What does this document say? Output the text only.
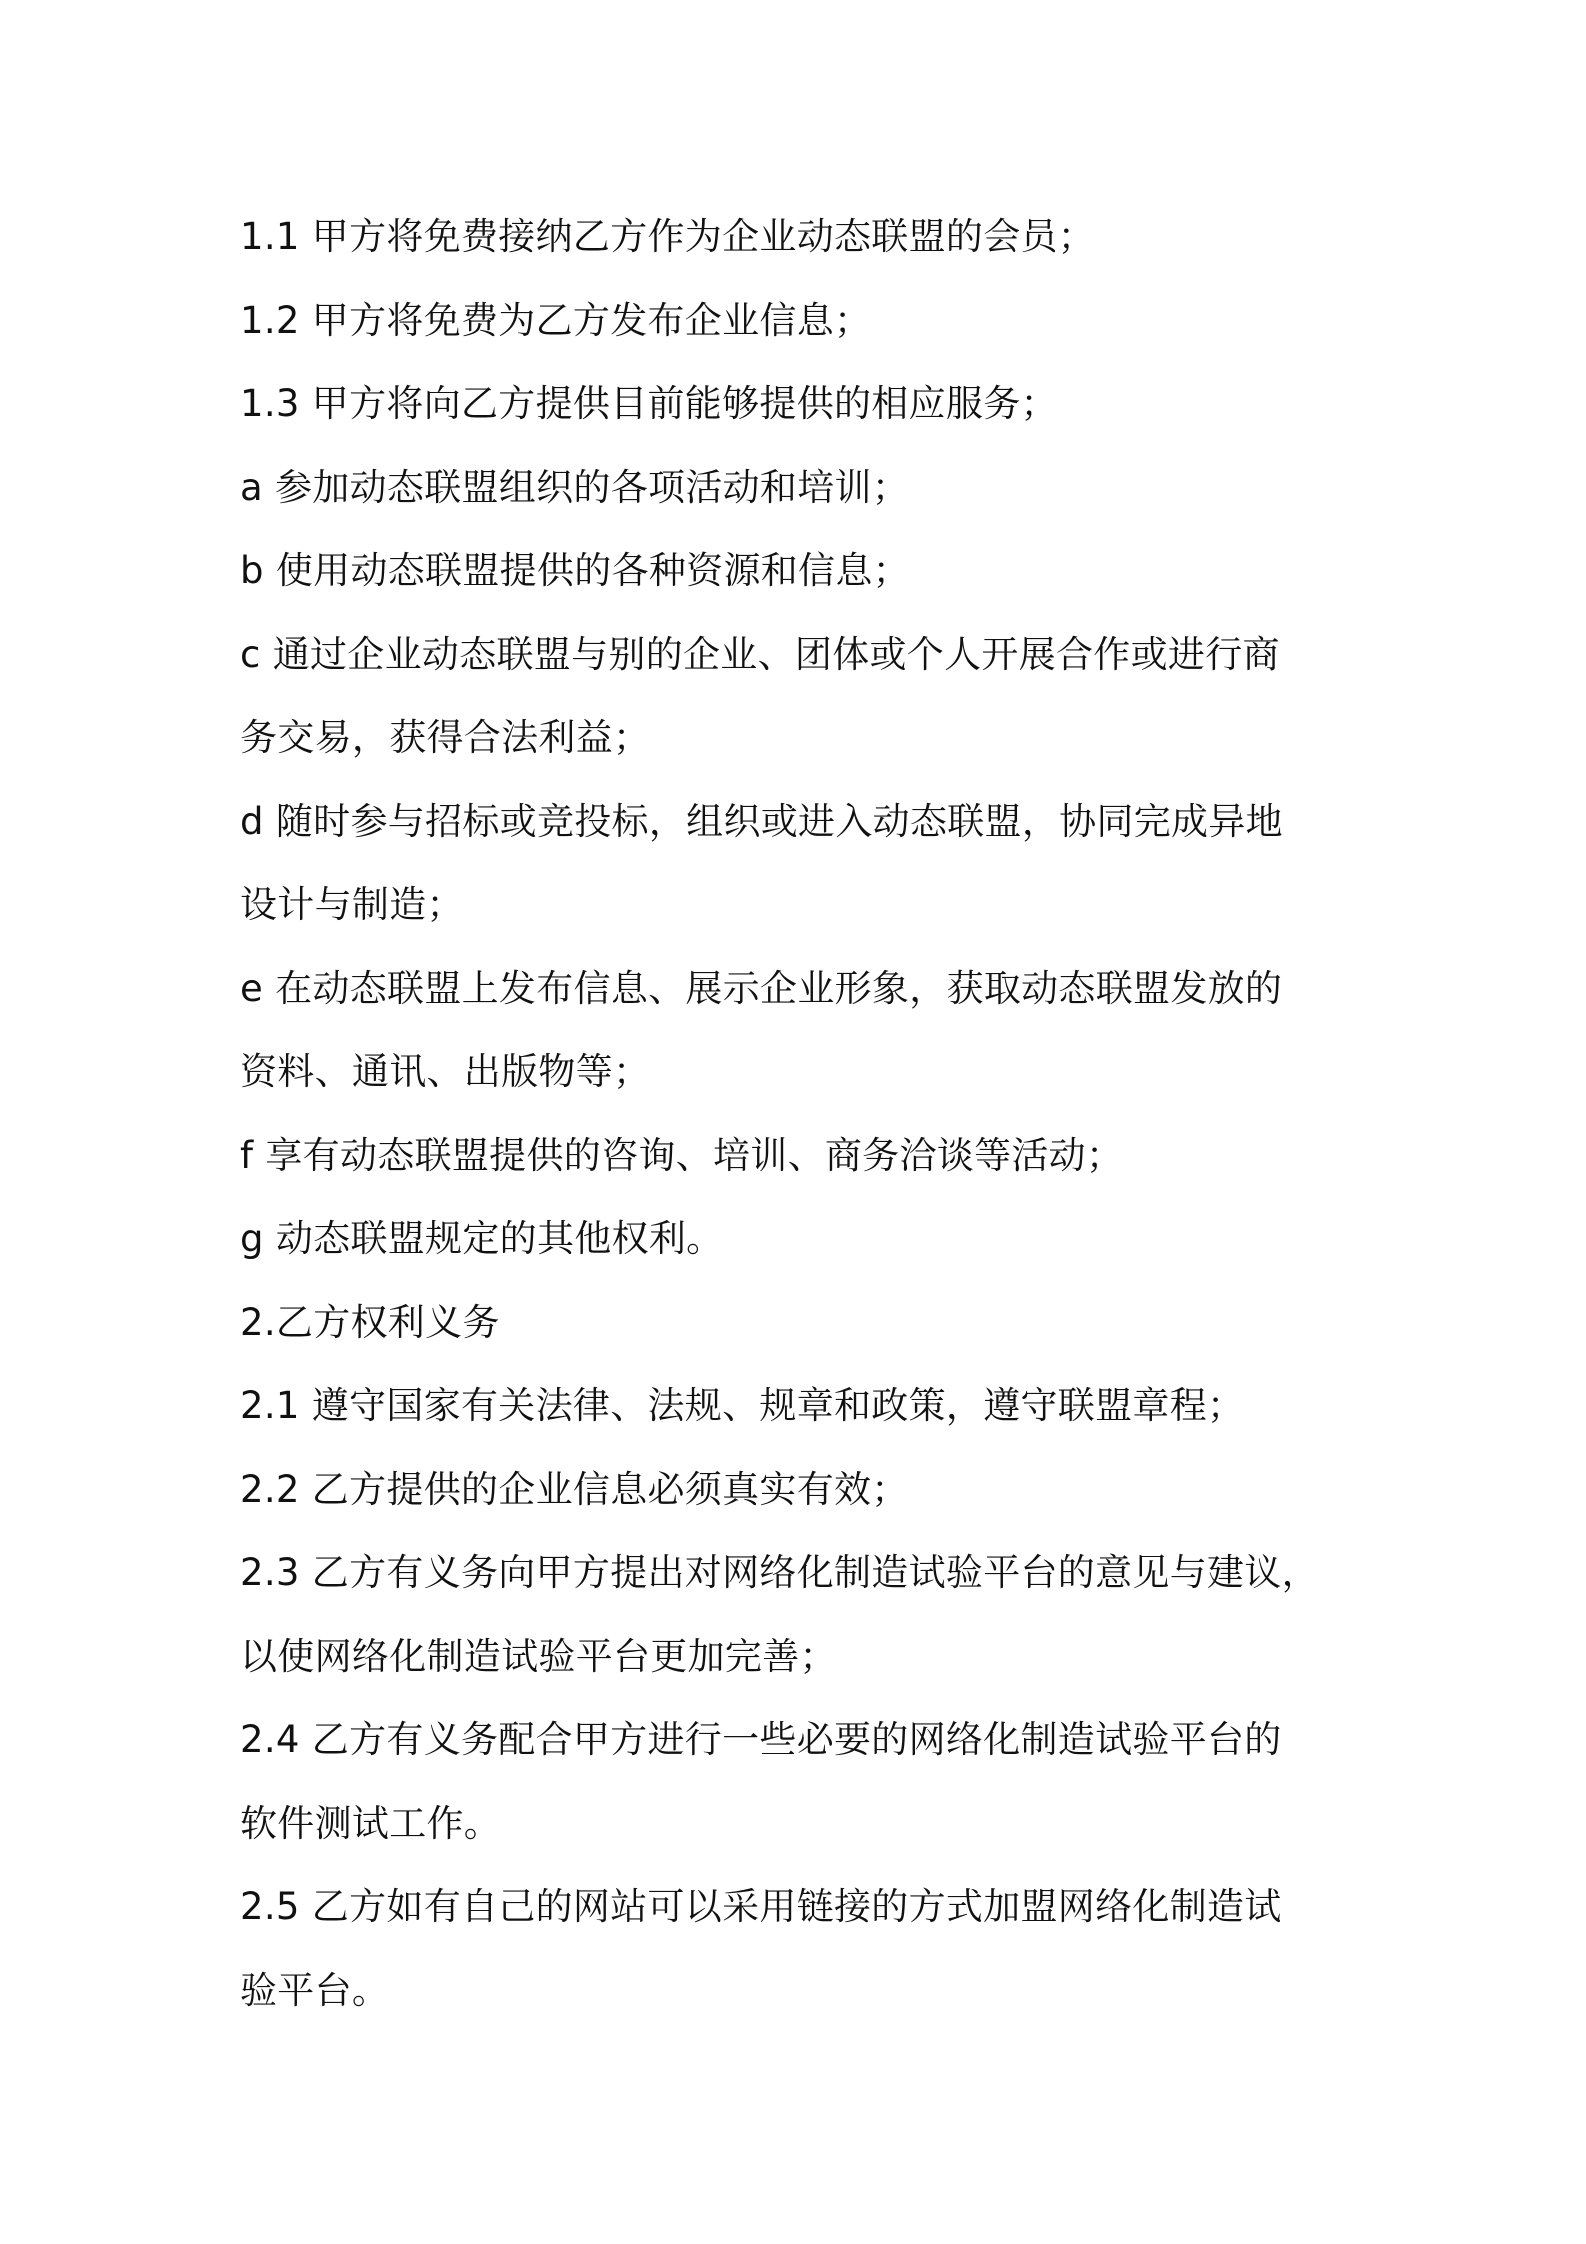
1.1 甲方将免费接纳乙方作为企业动态联盟的会员；
1.2 甲方将免费为乙方发布企业信息；
1.3 甲方将向乙方提供目前能够提供的相应服务；
a 参加动态联盟组织的各项活动和培训；
b 使用动态联盟提供的各种资源和信息；
c 通过企业动态联盟与别的企业、团体或个人开展合作或进行商
务交易，获得合法利益；
d 随时参与招标或竞投标，组织或进入动态联盟，协同完成异地
设计与制造；
e 在动态联盟上发布信息、展示企业形象，获取动态联盟发放的
资料、通讯、出版物等；
f 享有动态联盟提供的咨询、培训、商务洽谈等活动；
g 动态联盟规定的其他权利。
2.乙方权利义务
2.1 遵守国家有关法律、法规、规章和政策，遵守联盟章程；
2.2 乙方提供的企业信息必须真实有效；
2.3 乙方有义务向甲方提出对网络化制造试验平台的意见与建议，
以使网络化制造试验平台更加完善；
2.4 乙方有义务配合甲方进行一些必要的网络化制造试验平台的
软件测试工作。
2.5 乙方如有自己的网站可以采用链接的方式加盟网络化制造试
验平台。
